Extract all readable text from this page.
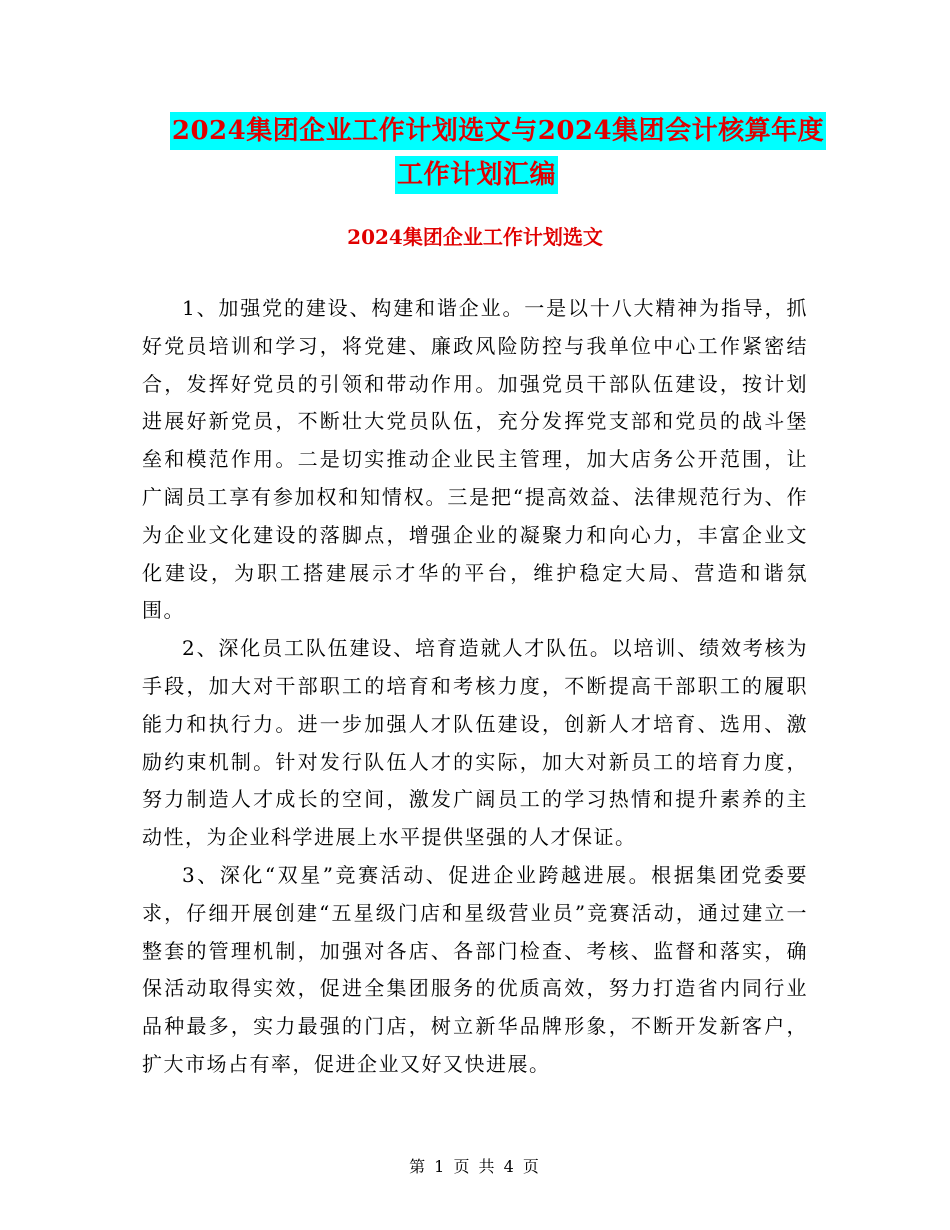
2024集团企业工作计划选文与2024集团会计核算年度
工作计划汇编
2024集团企业工作计划选文

1、加强党的建设、构建和谐企业。一是以十八大精神为指导，抓好党员培训和学习，将党建、廉政风险防控与我单位中心工作紧密结合，发挥好党员的引领和带动作用。加强党员干部队伍建设，按计划进展好新党员，不断壮大党员队伍，充分发挥党支部和党员的战斗堡垒和模范作用。二是切实推动企业民主管理，加大店务公开范围，让广阔员工享有参加权和知情权。三是把“提高效益、法律规范行为、作为企业文化建设的落脚点，增强企业的凝聚力和向心力，丰富企业文化建设，为职工搭建展示才华的平台，维护稳定大局、营造和谐氛围。

2、深化员工队伍建设、培育造就人才队伍。以培训、绩效考核为手段，加大对干部职工的培育和考核力度，不断提高干部职工的履职能力和执行力。进一步加强人才队伍建设，创新人才培育、选用、激励约束机制。针对发行队伍人才的实际，加大对新员工的培育力度，努力制造人才成长的空间，激发广阔员工的学习热情和提升素养的主动性，为企业科学进展上水平提供坚强的人才保证。

3、深化“双星”竞赛活动、促进企业跨越进展。根据集团党委要求，仔细开展创建“五星级门店和星级营业员”竞赛活动，通过建立一整套的管理机制，加强对各店、各部门检查、考核、监督和落实，确保活动取得实效，促进全集团服务的优质高效，努力打造省内同行业品种最多，实力最强的门店，树立新华品牌形象，不断开发新客户，扩大市场占有率，促进企业又好又快进展。

第 1 页 共 4 页
